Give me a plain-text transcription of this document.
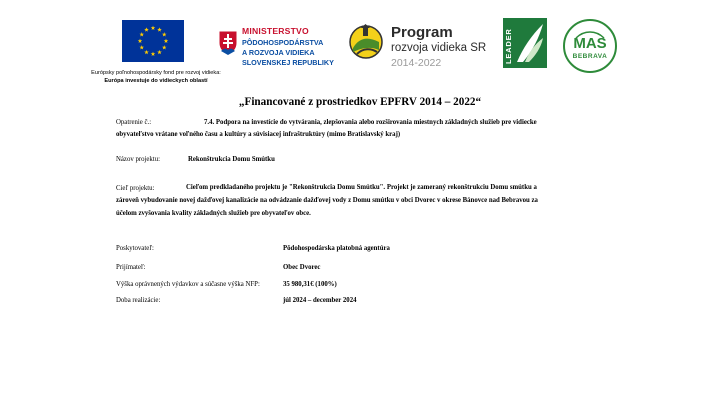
Európsky poľnohospodársky fond pre rozvoj vidieka:
Európa investuje do vidieckych oblastí
MINISTERSTVO
PÔDOHOSPODÁRSTVA
A ROZVOJA VIDIEKA
SLOVENSKEJ REPUBLIKY
Program
rozvoja vidieka SR
2014-2022	LEADER	MAS
BEBRAVA
„Financované z prostriedkov EPFRV 2014 – 2022“
Opatrenie č.:	7.4. Podpora na investície do vytvárania, zlepšovania alebo rozširovania miestnych základných služieb pre vidiecke
obyvateľstvo vrátane voľného času a kultúry a súvisiacej infraštruktúry (mimo Bratislavský kraj)
Názov projektu:	Rekonštrukcia Domu Smútku
Cieľ projektu:	Cieľom predkladaného projektu je "Rekonštrukcia Domu Smútku". Projekt je zameraný rekonštrukciu Domu smútku a
zároveň vybudovanie novej dažďovej kanalizácie na odvádzanie dažďovej vody z Domu smútku v obci Dvorec v okrese Bánovce nad Bebravou za
účelom zvyšovania kvality základných služieb pre obyvateľov obce.
Poskytovateľ:	Pôdohospodárska platobná agentúra
Prijímateľ:	Obec Dvorec
Výška oprávnených výdavkov a súčasne výška NFP:	35 980,31€ (100%)
Doba realizácie:	júl 2024 – december 2024
